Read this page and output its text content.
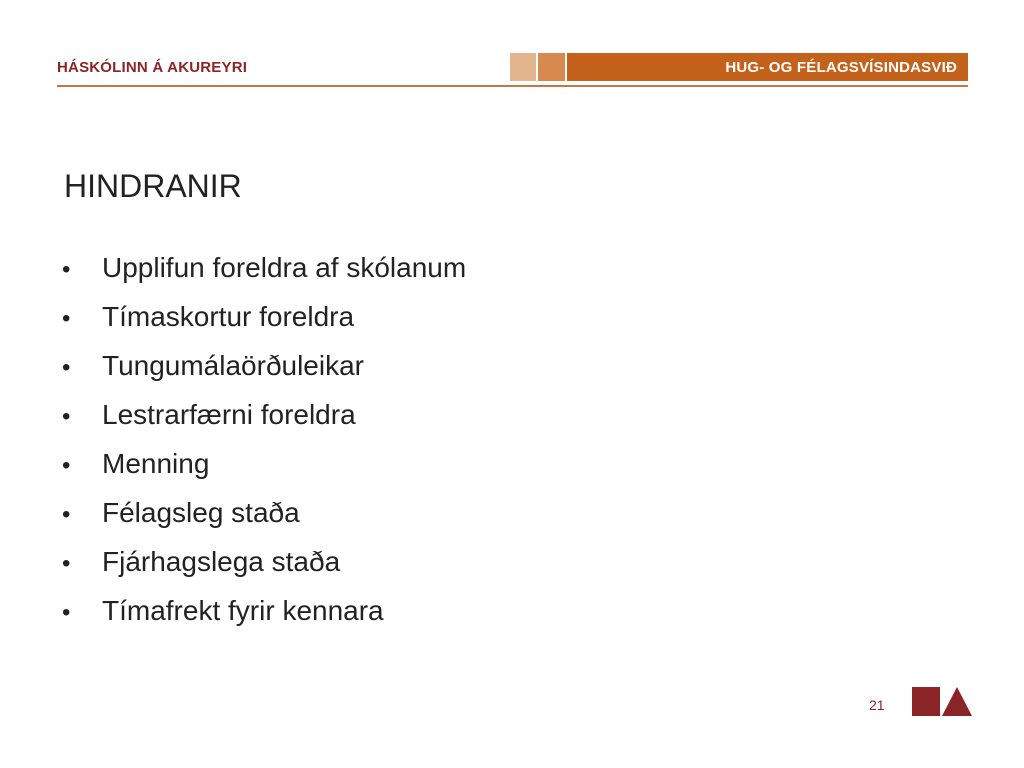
HÁSKÓLINN Á AKUREYRI	HUG- OG FÉLAGSVÍSINDASVIÐ
HINDRANIR
•	Upplifun foreldra af skólanum
•	Tímaskortur foreldra
•	Tungumálaörðuleikar
•	Lestrarfærni foreldra
•	Menning
•	Félagsleg staða
•	Fjárhagslega staða
•	Tímafrekt fyrir kennara
21
